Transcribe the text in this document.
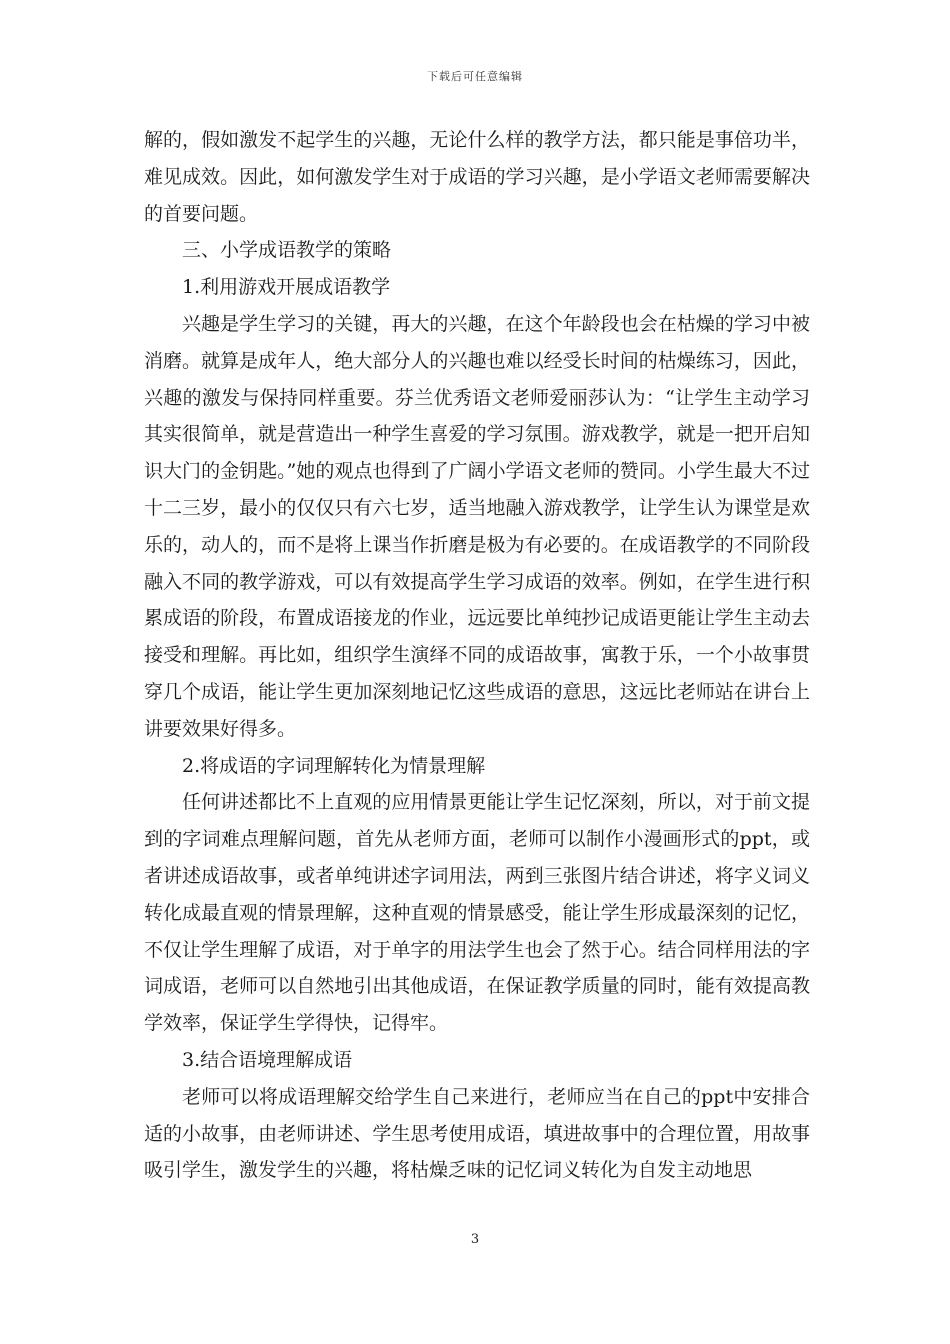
下载后可任意编辑

解的，假如激发不起学生的兴趣，无论什么样的教学方法，都只能是事倍功半，难见成效。因此，如何激发学生对于成语的学习兴趣，是小学语文老师需要解决的首要问题。

三、小学成语教学的策略

1.利用游戏开展成语教学

兴趣是学生学习的关键，再大的兴趣，在这个年龄段也会在枯燥的学习中被消磨。就算是成年人，绝大部分人的兴趣也难以经受长时间的枯燥练习，因此，兴趣的激发与保持同样重要。芬兰优秀语文老师爱丽莎认为：“让学生主动学习其实很简单，就是营造出一种学生喜爱的学习氛围。游戏教学，就是一把开启知识大门的金钥匙。”她的观点也得到了广阔小学语文老师的赞同。小学生最大不过十二三岁，最小的仅仅只有六七岁，适当地融入游戏教学，让学生认为课堂是欢乐的，动人的，而不是将上课当作折磨是极为有必要的。在成语教学的不同阶段融入不同的教学游戏，可以有效提高学生学习成语的效率。例如，在学生进行积累成语的阶段，布置成语接龙的作业，远远要比单纯抄记成语更能让学生主动去接受和理解。再比如，组织学生演绎不同的成语故事，寓教于乐，一个小故事贯穿几个成语，能让学生更加深刻地记忆这些成语的意思，这远比老师站在讲台上讲要效果好得多。

2.将成语的字词理解转化为情景理解

任何讲述都比不上直观的应用情景更能让学生记忆深刻，所以，对于前文提到的字词难点理解问题，首先从老师方面，老师可以制作小漫画形式的ppt，或者讲述成语故事，或者单纯讲述字词用法，两到三张图片结合讲述，将字义词义转化成最直观的情景理解，这种直观的情景感受，能让学生形成最深刻的记忆，不仅让学生理解了成语，对于单字的用法学生也会了然于心。结合同样用法的字词成语，老师可以自然地引出其他成语，在保证教学质量的同时，能有效提高教学效率，保证学生学得快，记得牢。

3.结合语境理解成语

老师可以将成语理解交给学生自己来进行，老师应当在自己的ppt中安排合适的小故事，由老师讲述、学生思考使用成语，填进故事中的合理位置，用故事吸引学生，激发学生的兴趣，将枯燥乏味的记忆词义转化为自发主动地思

3
